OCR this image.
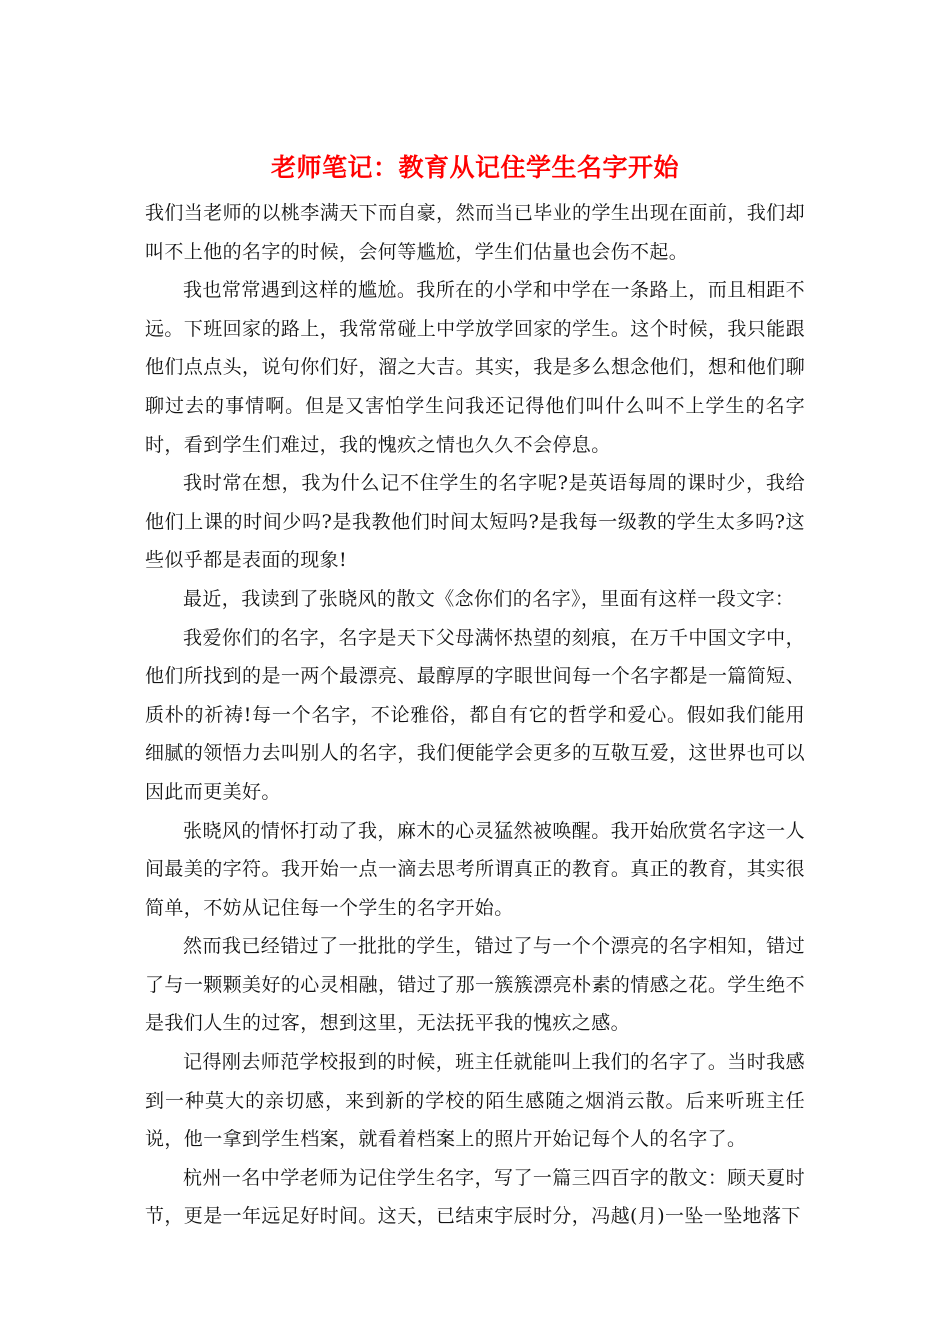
老师笔记：教育从记住学生名字开始

我们当老师的以桃李满天下而自豪，然而当已毕业的学生出现在面前，我们却叫不上他的名字的时候，会何等尴尬，学生们估量也会伤不起。

我也常常遇到这样的尴尬。我所在的小学和中学在一条路上，而且相距不远。下班回家的路上，我常常碰上中学放学回家的学生。这个时候，我只能跟他们点点头，说句你们好，溜之大吉。其实，我是多么想念他们，想和他们聊聊过去的事情啊。但是又害怕学生问我还记得他们叫什么叫不上学生的名字时，看到学生们难过，我的愧疚之情也久久不会停息。

我时常在想，我为什么记不住学生的名字呢?是英语每周的课时少，我给他们上课的时间少吗?是我教他们时间太短吗?是我每一级教的学生太多吗?这些似乎都是表面的现象!

最近，我读到了张晓风的散文《念你们的名字》，里面有这样一段文字：

我爱你们的名字，名字是天下父母满怀热望的刻痕，在万千中国文字中，他们所找到的是一两个最漂亮、最醇厚的字眼世间每一个名字都是一篇简短、质朴的祈祷!每一个名字，不论雅俗，都自有它的哲学和爱心。假如我们能用细腻的领悟力去叫别人的名字，我们便能学会更多的互敬互爱，这世界也可以因此而更美好。

张晓风的情怀打动了我，麻木的心灵猛然被唤醒。我开始欣赏名字这一人间最美的字符。我开始一点一滴去思考所谓真正的教育。真正的教育，其实很简单，不妨从记住每一个学生的名字开始。

然而我已经错过了一批批的学生，错过了与一个个漂亮的名字相知，错过了与一颗颗美好的心灵相融，错过了那一簇簇漂亮朴素的情感之花。学生绝不是我们人生的过客，想到这里，无法抚平我的愧疚之感。

记得刚去师范学校报到的时候，班主任就能叫上我们的名字了。当时我感到一种莫大的亲切感，来到新的学校的陌生感随之烟消云散。后来听班主任说，他一拿到学生档案，就看着档案上的照片开始记每个人的名字了。

杭州一名中学老师为记住学生名字，写了一篇三四百字的散文：顾天夏时节，更是一年远足好时间。这天，已结束宇辰时分，冯越(月)一坠一坠地落下
